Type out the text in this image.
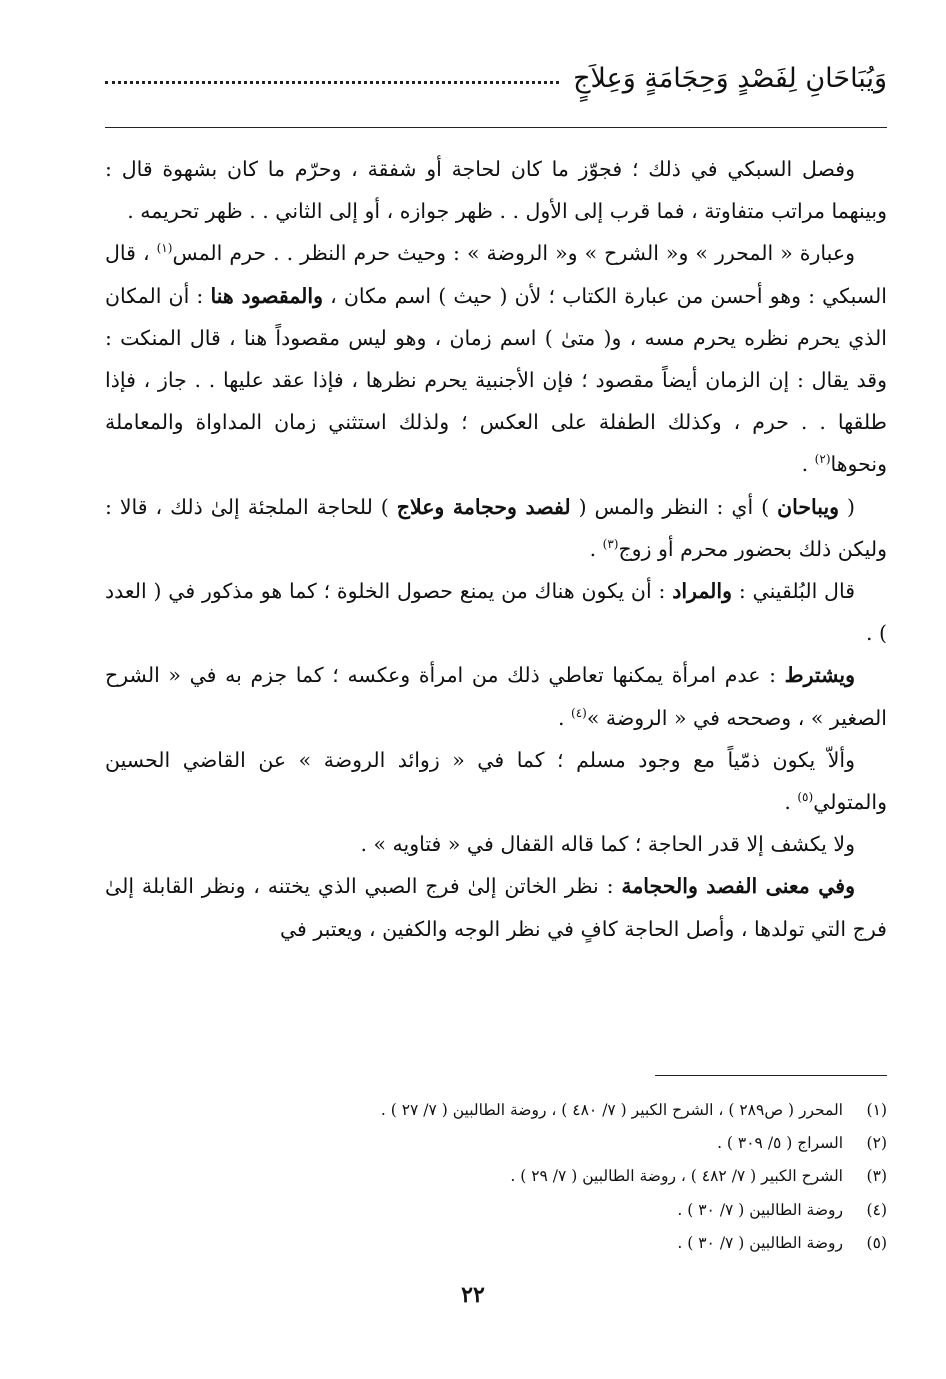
وَيُبَاحَانِ لِفَصْدٍ وَحِجَامَةٍ وَعِلاَجٍ

وفصل السبكي في ذلك ؛ فجوّز ما كان لحاجة أو شفقة ، وحرّم ما كان بشهوة قال : وبينهما مراتب متفاوتة ، فما قرب إلى الأول . . ظهر جوازه ، أو إلى الثاني . . ظهر تحريمه .

وعبارة « المحرر » و« الشرح » و« الروضة » : وحيث حرم النظر . . حرم المس$^{(١)}$ ، قال السبكي : وهو أحسن من عبارة الكتاب ؛ لأن ( حيث ) اسم مكان ، والمقصود هنا : أن المكان الذي يحرم نظره يحرم مسه ، و( متىٰ ) اسم زمان ، وهو ليس مقصوداً هنا ، قال المنكت : وقد يقال : إن الزمان أيضاً مقصود ؛ فإن الأجنبية يحرم نظرها ، فإذا عقد عليها . . جاز ، فإذا طلقها . . حرم ، وكذلك الطفلة على العكس ؛ ولذلك استثني زمان المداواة والمعاملة ونحوها$^{(٢)}$ .

( ويباحان ) أي : النظر والمس ( لفصد وحجامة وعلاج ) للحاجة الملجئة إلىٰ ذلك ، قالا : وليكن ذلك بحضور محرم أو زوج$^{(٣)}$ .

قال البُلقيني : والمراد : أن يكون هناك من يمنع حصول الخلوة ؛ كما هو مذكور في ( العدد ) .

ويشترط : عدم امرأة يمكنها تعاطي ذلك من امرأة وعكسه ؛ كما جزم به في « الشرح الصغير » ، وصححه في « الروضة »$^{(٤)}$ .

وألاّ يكون ذمّياً مع وجود مسلم ؛ كما في « زوائد الروضة » عن القاضي الحسين والمتولي$^{(٥)}$ .

ولا يكشف إلا قدر الحاجة ؛ كما قاله القفال في « فتاويه » .

وفي معنى الفصد والحجامة : نظر الخاتن إلىٰ فرج الصبي الذي يختنه ، ونظر القابلة إلىٰ فرج التي تولدها ، وأصل الحاجة كافٍ في نظر الوجه والكفين ، ويعتبر في

(١)
المحرر ( ص٢٨٩ ) ، الشرح الكبير ( ٧/ ٤٨٠ ) ، روضة الطالبين ( ٧/ ٢٧ ) .
(٢)
السراج ( ٥/ ٣٠٩ ) .
(٣)
الشرح الكبير ( ٧/ ٤٨٢ ) ، روضة الطالبين ( ٧/ ٢٩ ) .
(٤)
روضة الطالبين ( ٧/ ٣٠ ) .
(٥)
روضة الطالبين ( ٧/ ٣٠ ) .
٢٢
